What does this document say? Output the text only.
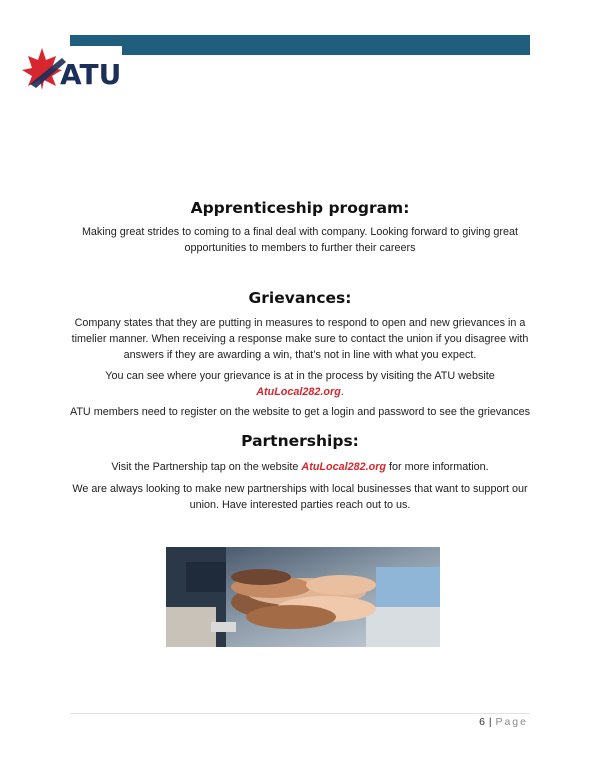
ATU
Apprenticeship program:

Making great strides to coming to a final deal with company. Looking forward to giving great opportunities to members to further their careers

Grievances:

Company states that they are putting in measures to respond to open and new grievances in a timelier manner. When receiving a response make sure to contact the union if you disagree with answers if they are awarding a win, that’s not in line with what you expect.

You can see where your grievance is at in the process by visiting the ATU website AtuLocal282.org.

ATU members need to register on the website to get a login and password to see the grievances

Partnerships:

Visit the Partnership tap on the website AtuLocal282.org for more information.

We are always looking to make new partnerships with local businesses that want to support our union. Have interested parties reach out to us.

6 | Page
